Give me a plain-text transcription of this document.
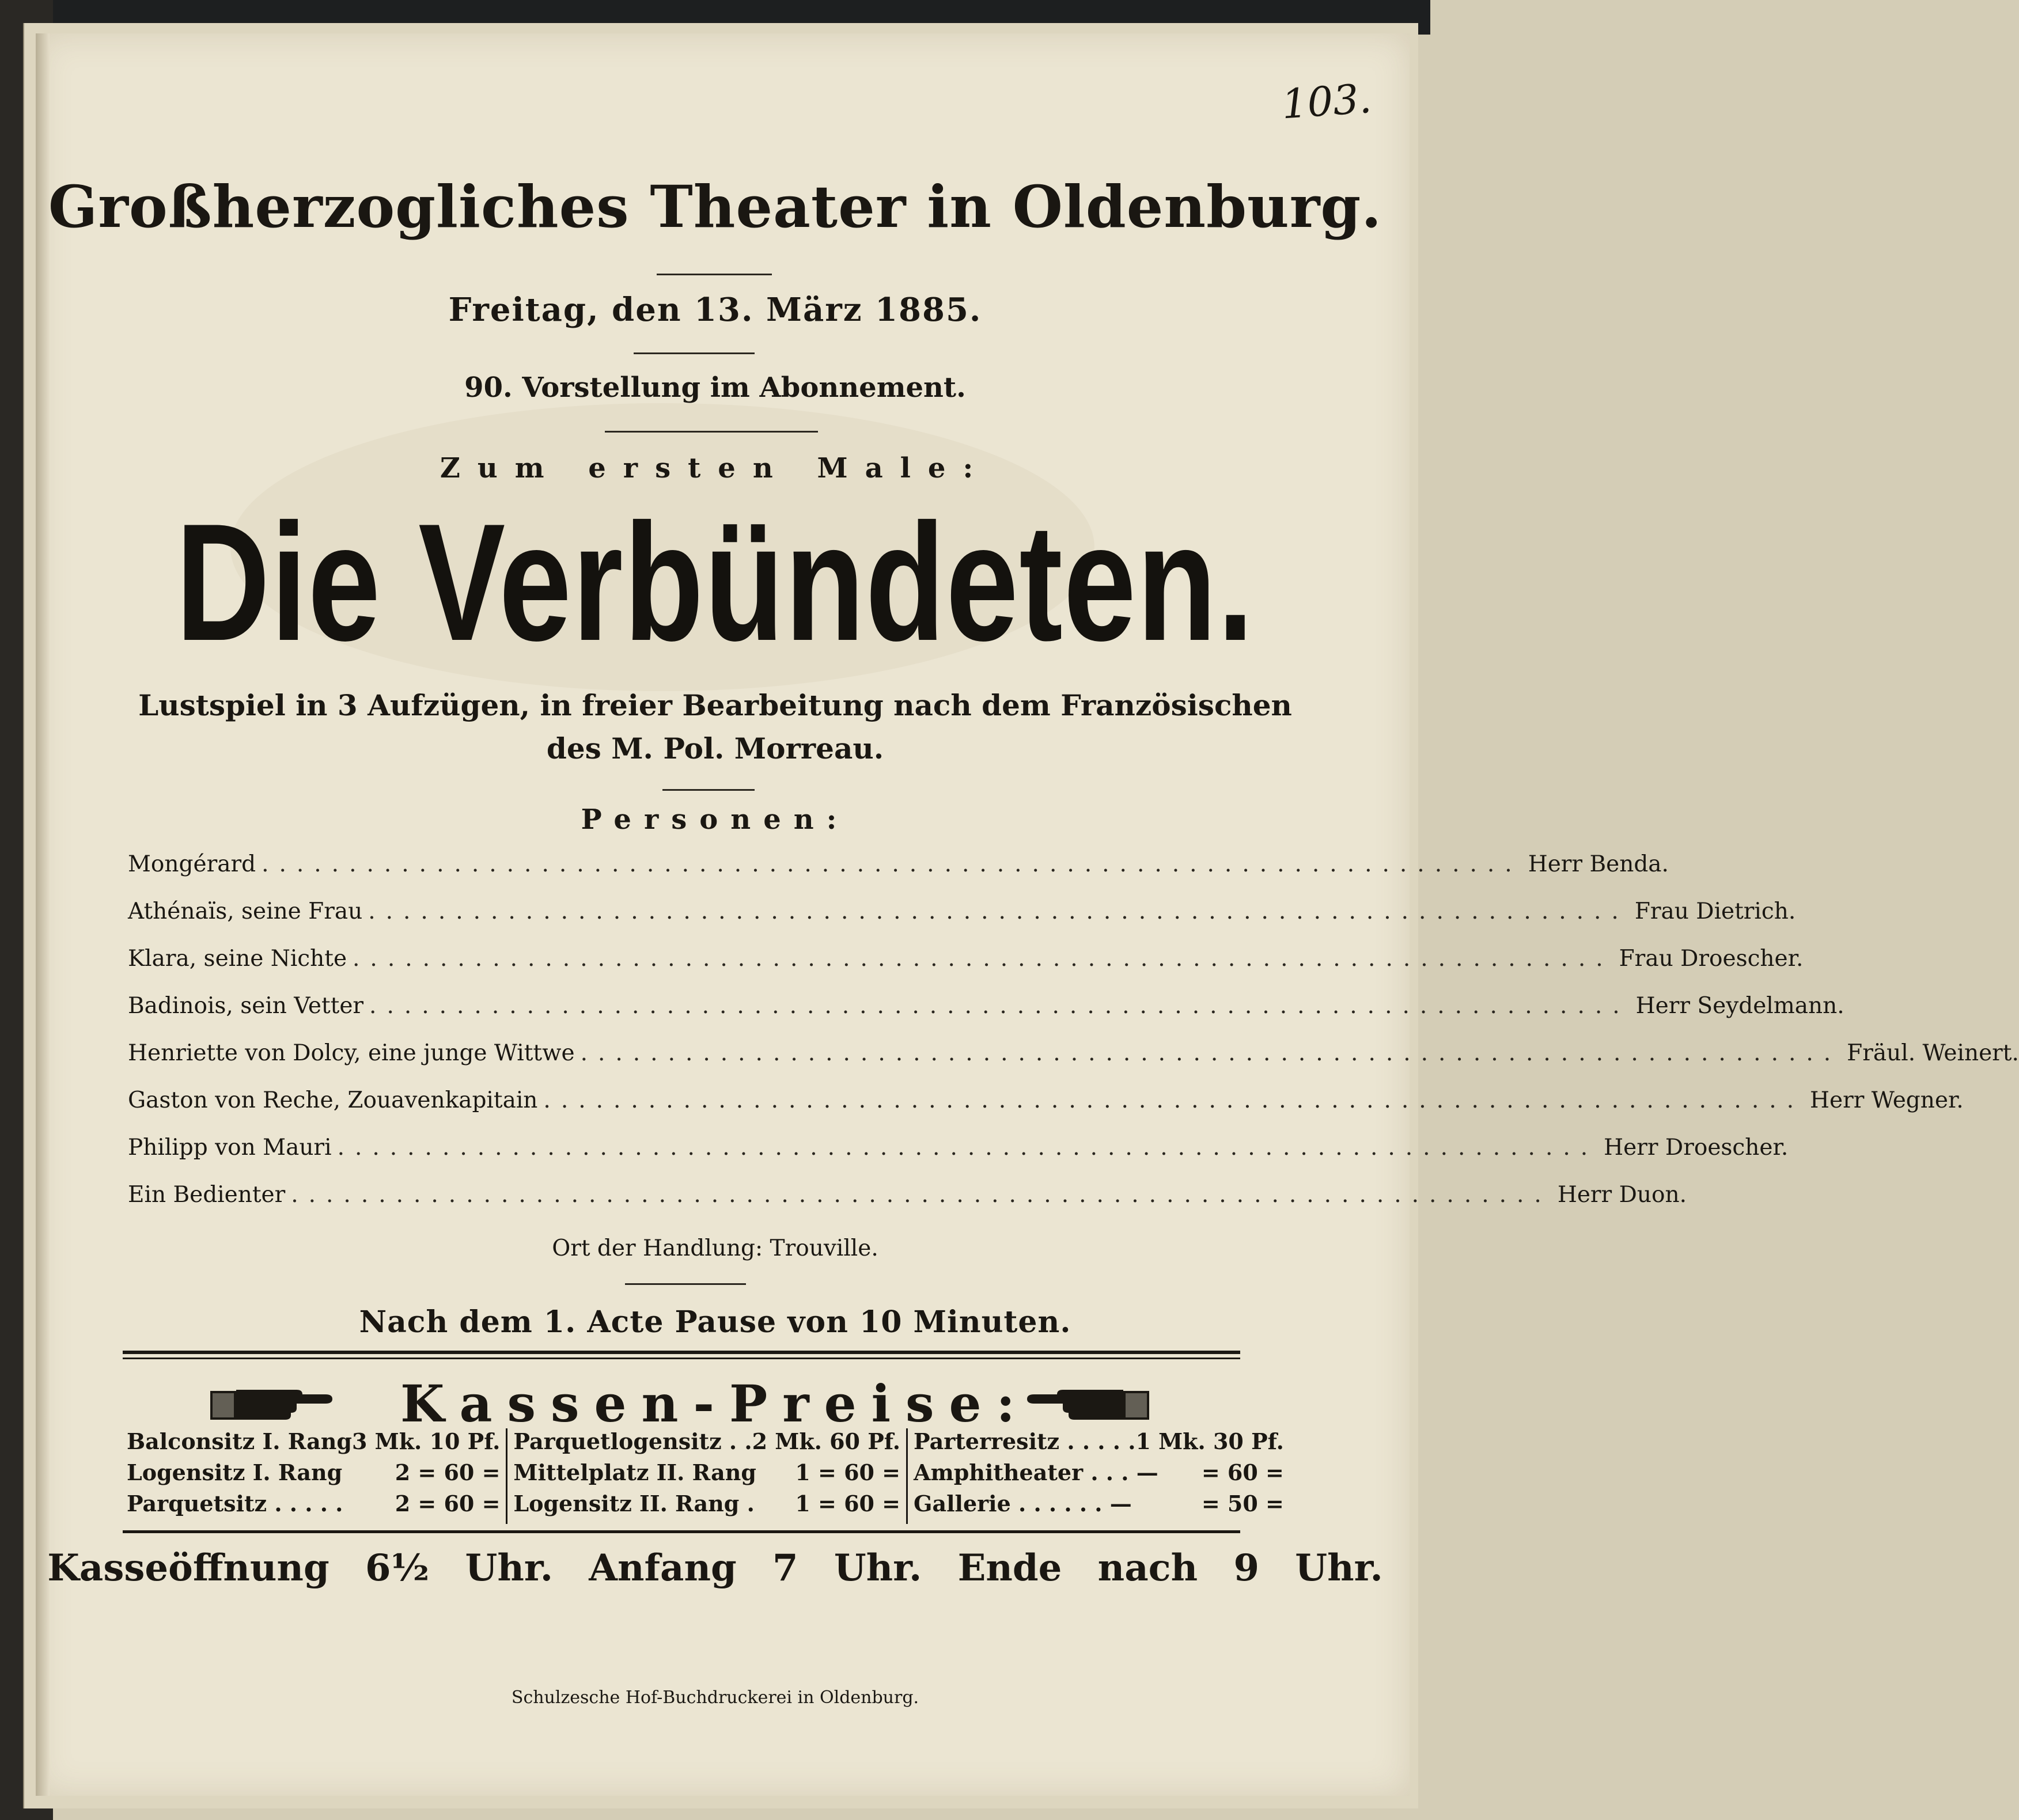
103.
Großherzogliches Theater in Oldenburg.
Freitag, den 13. März 1885.
90. Vorstellung im Abonnement.
Zum ersten Male:
Die Verbündeten.
Lustspiel in 3 Aufzügen, in freier Bearbeitung nach dem Französischen
des M. Pol. Morreau.
Personen:
Mongérard ........................................................................ Herr Benda.
Athénaïs, seine Frau ........................................................................ Frau Dietrich.
Klara, seine Nichte ........................................................................ Frau Droescher.
Badinois, sein Vetter ........................................................................ Herr Seydelmann.
Henriette von Dolcy, eine junge Wittwe ........................................................................ Fräul. Weinert.
Gaston von Reche, Zouavenkapitain ........................................................................ Herr Wegner.
Philipp von Mauri ........................................................................ Herr Droescher.
Ein Bedienter ........................................................................ Herr Duon.
Ort der Handlung: Trouville.
Nach dem 1. Acte Pause von 10 Minuten.
Kassen-Preise:
Balconsitz I. Rang 3 Mk. 10 Pf.
Logensitz I. Rang 2 = 60 =
Parquetsitz . . . . . 2 = 60 =
Parquetlogensitz . . 2 Mk. 60 Pf.
Mittelplatz II. Rang 1 = 60 =
Logensitz II. Rang . 1 = 60 =
Parterresitz . . . . . 1 Mk. 30 Pf.
Amphitheater . . . — = 60 =
Gallerie . . . . . . —	= 50 =
Kasseöffnung 6½ Uhr. Anfang 7 Uhr. Ende nach 9 Uhr.
Schulzesche Hof-Buchdruckerei in Oldenburg.
